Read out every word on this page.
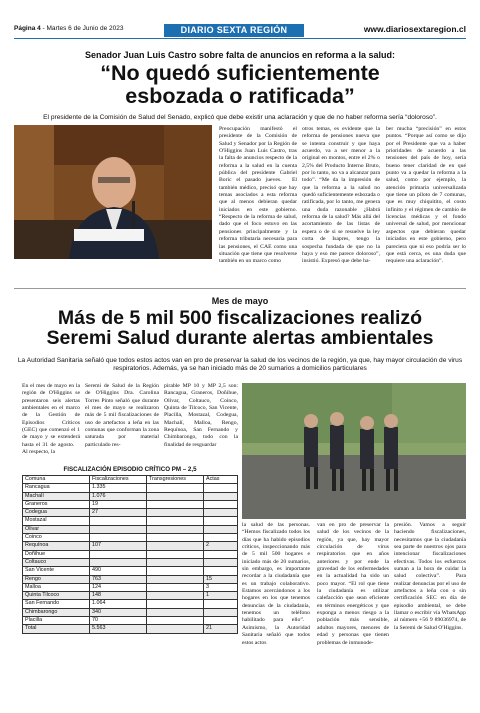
Página 4 - Martes 6 de Junio de 2023	DIARIO SEXTA REGIÓN	www.diariosextaregion.cl
Senador Juan Luis Castro sobre falta de anuncios en reforma a la salud:
“No quedó suficientemente
esbozada o ratificada”
El presidente de la Comisión de Salud del Senado, explicó que debe existir una aclaración y que de no haber reforma sería “doloroso”.
Preocupación manifestó el presidente de la Comisión de Salud y Senador por la Región de O'Higgins Juan Luis Castro, tras la falta de anuncios respecto de la reforma a la salud en la cuenta pública del presidente Gabriel Boric el pasado jueves.  El también médico, precisó que hay temas asociados a esta reforma que al menos debieran quedar iniciados en este gobierno. “Respecto de la reforma de salud, dado que el foco estuvo en las pensiones principalmente y la reforma tributaria necesaria para las pensiones, el CAE como una situación que tiene que resolverse también en un marco como
otros temas, es evidente que la reforma de pensiones nueva que se intenta construir y que haya acuerdo, va a ser menor a la original en montos, entre el 2% o 2,5% del Producto Interno Bruto, por lo tanto, no va a alcanzar para todo”. “Me da la impresión de que la reforma a la salud no quedó suficientemente esbozada o ratificada, por lo tanto, me genera una duda razonable ¿Habrá reforma de la salud? Más allá del acortamiento de las listas de espera o de si se resuelve la ley corta de Isapres, tengo la sospecha fundada de que no la haya y eso me parece doloroso”, insistió. Expresó que debe ha-
ber mucha “precisión” en estos puntos. “Porque así como se dijo por el Presidente que va a haber prioridades de acuerdo a las tensiones del país de hoy, sería bueno tener claridad de en qué punto va a quedar la reforma a la salud, como por ejemplo, la atención primaria universalizada que tiene un piloto de 7 comunas, que es muy chiquitito, el costo infinito y el régimen de cambio de licencias médicas y el fondo universal de salud, por mencionar aspectos que debieran quedar iniciados en este gobierno, pero pareciera que ni eso podría ser lo que está cerca, es una duda que requiere una aclaración”.
Mes de mayo
Más de 5 mil 500 fiscalizaciones realizó
Seremi Salud durante alertas ambientales
La Autoridad Sanitaria señaló que todos estos actos van en pro de preservar la salud de los vecinos de la región, ya que, hay mayor circulación de virus respiratorios. Además, ya se han iniciado más de 20 sumarios a domicilios particulares
En el mes de mayo en la región de O'Higgins se presentaron seis alertas ambientales en el marco de la Gestión de Episodios Críticos (GEC) que comenzó el 1 de mayo y se extenderá hasta el 31 de agosto.  Al respecto, la
Seremi de Salud de la Región de O'Higgins Dra. Carolina Torres Pinto señaló que durante el mes de mayo se realizaron más de 5 mil fiscalizaciones de uso de artefactos a leña en las comunas que conforman la zona saturada por material particulado res-
pirable MP 10 y MP 2,5 son: Rancagua, Graneros, Doñihue, Olivar, Coltauco, Coinco, Quinta de Tilcoco, San Vicente, Placilla, Mostazal, Codegua, Machalí, Malloa, Rengo, Requínoa, San Fernando y Chimbarongo, todo con la finalidad de resguardar
FISCALIZACIÓN EPISODIO CRÍTICO PM – 2,5
Comuna	Fiscalizaciones	Transgresiones	Actas
Rancagua	1.335		
Machalí	1.076		
Graneros	19		
Codegua	27		
Mostazal			
Olivar			
Coinco			
Requínoa	107		2
Doñihue			
Coltauco			
San Vicente	490		
Rengo	763		15
Malloa	124		3
Quinta Tilcoco	148		1
San Fernando	1.064		
Chimbarongo	340		
Placilla	70		
Total	5.563		21
la salud de las personas. “Hemos fiscalizado todos los días que ha habido episodios críticos, inspeccionando más de 5 mil 500 hogares e iniciado más de 20 sumarios, sin embargo, es importante recordar a la ciudadanía que es un trabajo colaborativo. Estamos acercándonos a los hogares en los que tenemos denuncias de la ciudadanía, tenemos un teléfono habilitado para ello”.  Asimismo, la Autoridad Sanitaria señaló que todos estos actos
van en pro de preservar la salud de los vecinos de la región, ya que, hay mayor circulación de virus respiratorios que en años anteriores y por ende la gravedad de los enfermedades en la actualidad ha sido un poco mayor. “El rol que tiene la ciudadanía es utilizar calefacción que sean eficiente en términos energéticos y que exponga a menos riesgo a la población más sensible, adultos mayores, menores de edad y personas que tienen problemas de inmunode-
presión. Vamos a seguir haciendo fiscalizaciones, necesitamos que la ciudadanía sea parte de nuestros ojos para intencionar fiscalizaciones efectivas. Todos los esfuerzos suman a la hora de cuidar la salud colectiva”.  Para realizar denuncias por el uso de artefactos a leña con o sin certificación SEC en día de episodio ambiental, se debe llamar o escribir vía WhatsApp al número +56 9 89036974, de la Seremi de Salud O'Higgins.
